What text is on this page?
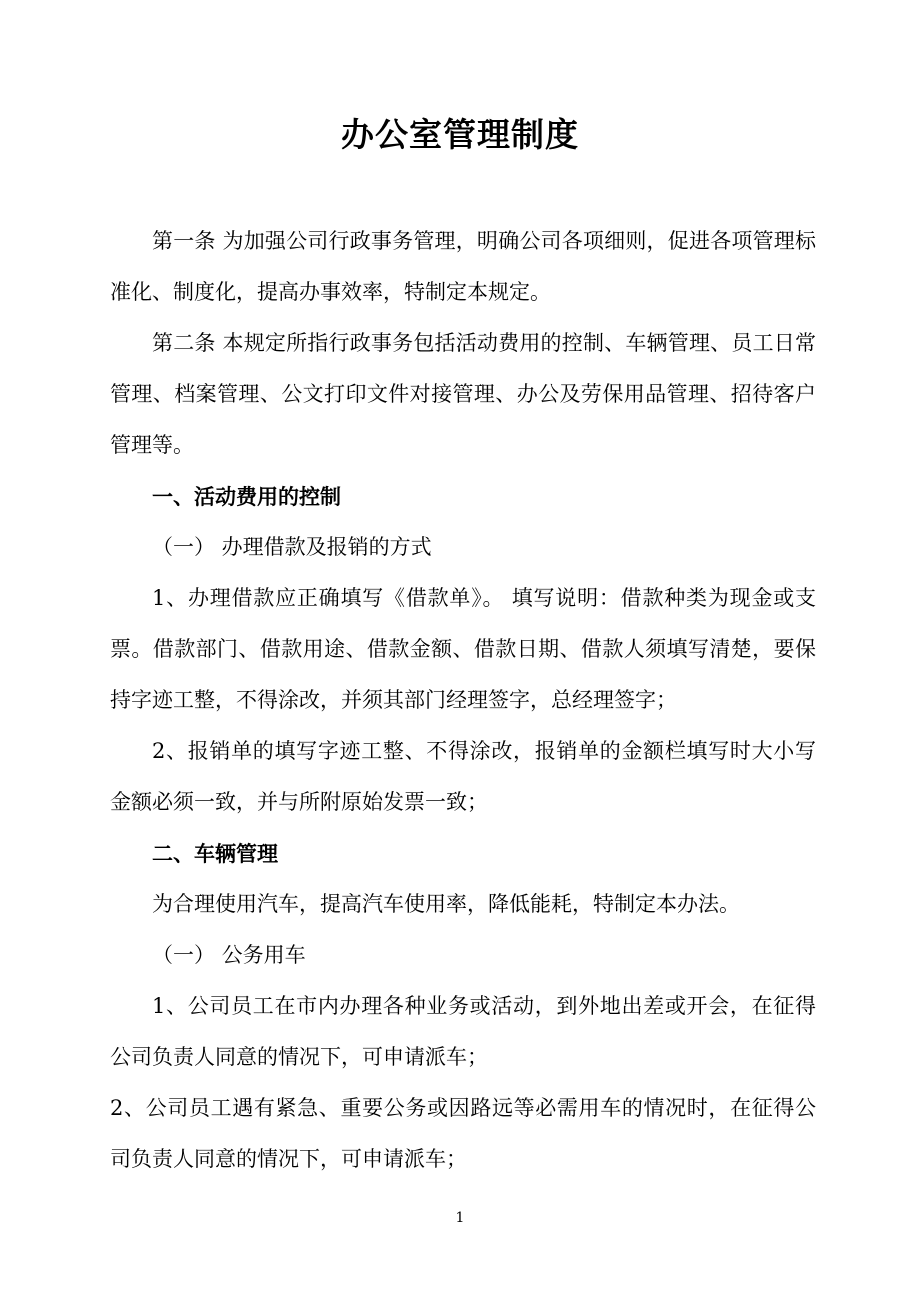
办公室管理制度

第一条 为加强公司行政事务管理，明确公司各项细则，促进各项管理标准化、制度化，提高办事效率，特制定本规定。

第二条 本规定所指行政事务包括活动费用的控制、车辆管理、员工日常管理、档案管理、公文打印文件对接管理、办公及劳保用品管理、招待客户管理等。

一、活动费用的控制

（一） 办理借款及报销的方式

1、办理借款应正确填写《借款单》。 填写说明：借款种类为现金或支票。借款部门、借款用途、借款金额、借款日期、借款人须填写清楚，要保持字迹工整，不得涂改，并须其部门经理签字，总经理签字；

2、报销单的填写字迹工整、不得涂改，报销单的金额栏填写时大小写金额必须一致，并与所附原始发票一致；

二、车辆管理

为合理使用汽车，提高汽车使用率，降低能耗，特制定本办法。

（一） 公务用车

1、公司员工在市内办理各种业务或活动，到外地出差或开会，在征得公司负责人同意的情况下，可申请派车；

2、公司员工遇有紧急、重要公务或因路远等必需用车的情况时，在征得公司负责人同意的情况下，可申请派车；

1
